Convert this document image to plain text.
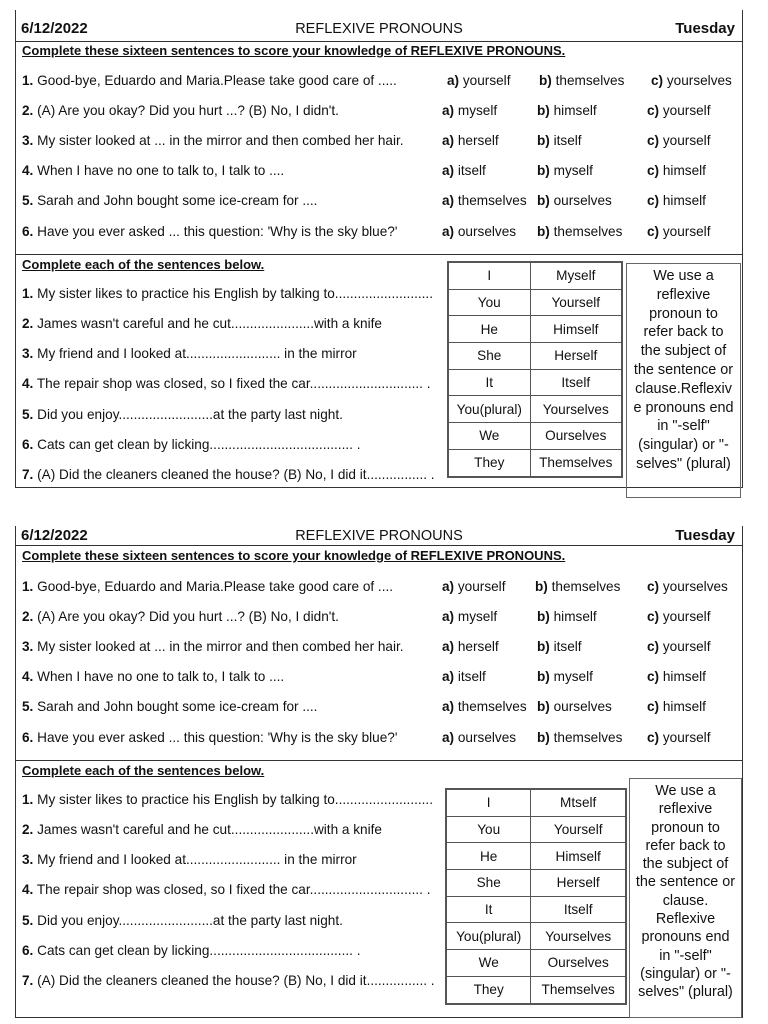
6/12/2022	REFLEXIVE PRONOUNS	Tuesday
Complete these sixteen sentences to score your knowledge of REFLEXIVE PRONOUNS.
1. Good-bye, Eduardo and Maria.Please take good care of .....	a) yourself b) themselves c) yourselves
2. (A) Are you okay? Did you hurt ...? (B) No, I didn't.	a) myself	b) himself	c) yourself
3. My sister looked at ... in the mirror and then combed her hair.	a) herself	b) itself	c) yourself
4. When I have no one to talk to, I talk to ....	a) itself	b) myself	c) himself
5. Sarah and John bought some ice-cream for ....	a) themselves b) ourselves	c) himself
6. Have you ever asked ... this question: 'Why is the sky blue?'	a) ourselves b) themselves c) yourself
Complete each of the sentences below.
1. My sister likes to practice his English by talking to..........................
2. James wasn't careful and he cut......................with a knife
3. My friend and I looked at......................... in the mirror
4. The repair shop was closed, so I fixed the car.............................. .
5. Did you enjoy.........................at the party last night.
6. Cats can get clean by licking...................................... .
7. (A) Did the cleaners cleaned the house? (B) No, I did it................ .
I	Myself
You	Yourself
He	Himself
She	Herself
It	Itself
You(plural)	Yourselves
We	Ourselves
They	Themselves
We use a
reflexive
pronoun to
refer back to
the subject of
the sentence or
clause.Reflexiv
e pronouns end
in "-self"
(singular) or "-
selves" (plural)
6/12/2022	REFLEXIVE PRONOUNS	Tuesday
Complete these sixteen sentences to score your knowledge of REFLEXIVE PRONOUNS.
1. Good-bye, Eduardo and Maria.Please take good care of ....	a) yourself b) themselves c) yourselves
2. (A) Are you okay? Did you hurt ...? (B) No, I didn't.	a) myself	b) himself	c) yourself
3. My sister looked at ... in the mirror and then combed her hair.	a) herself	b) itself	c) yourself
4. When I have no one to talk to, I talk to ....	a) itself	b) myself	c) himself
5. Sarah and John bought some ice-cream for ....	a) themselves b) ourselves	c) himself
6. Have you ever asked ... this question: 'Why is the sky blue?'	a) ourselves b) themselves c) yourself
Complete each of the sentences below.
1. My sister likes to practice his English by talking to..........................
2. James wasn't careful and he cut......................with a knife
3. My friend and I looked at......................... in the mirror
4. The repair shop was closed, so I fixed the car.............................. .
5. Did you enjoy.........................at the party last night.
6. Cats can get clean by licking...................................... .
7. (A) Did the cleaners cleaned the house? (B) No, I did it................ .
I	Mtself
You	Yourself
He	Himself
She	Herself
It	Itself
You(plural)	Yourselves
We	Ourselves
They	Themselves
We use a
reflexive
pronoun to
refer back to
the subject of
the sentence or
clause.
Reflexive
pronouns end
in "-self"
(singular) or "-
selves" (plural)
